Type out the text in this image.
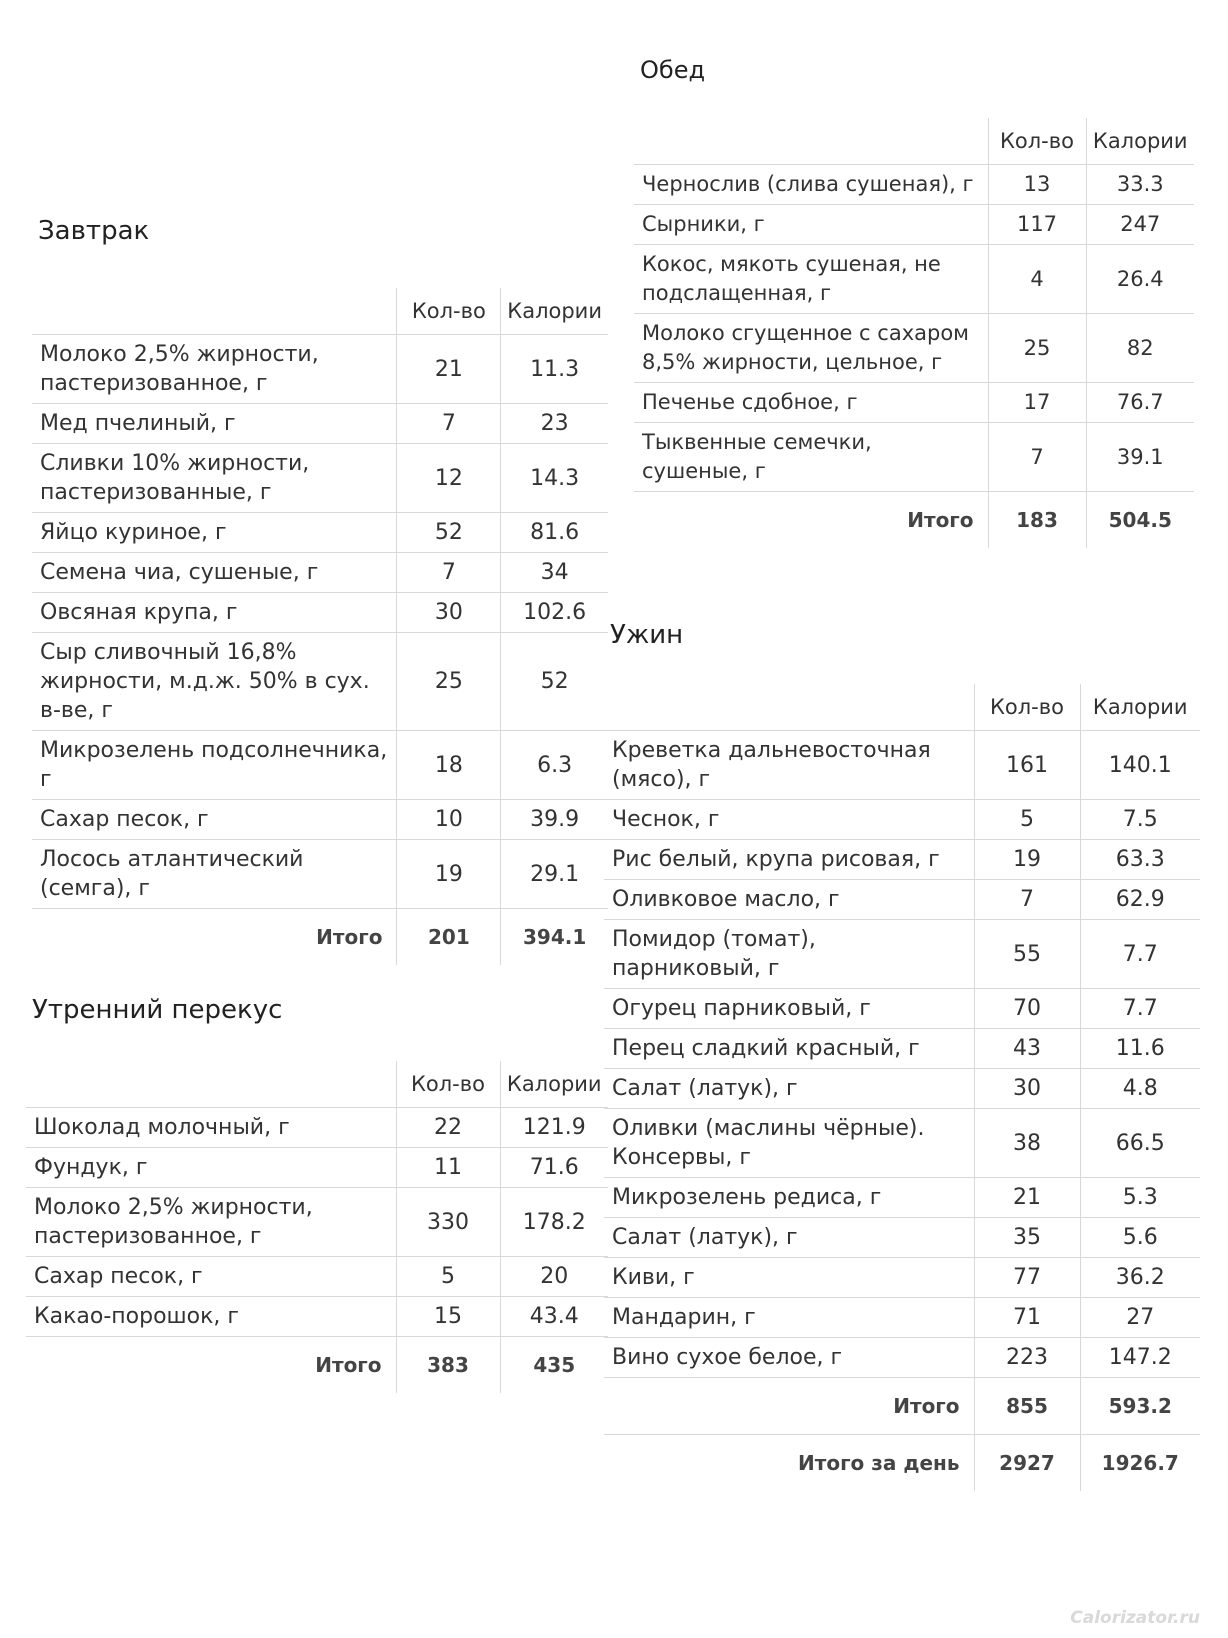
Завтрак
	Кол-во	Калории
Молоко 2,5% жирности, пастеризованное, г	21	11.3
Мед пчелиный, г	7	23
Сливки 10% жирности, пастеризованные, г	12	14.3
Яйцо куриное, г	52	81.6
Семена чиа, сушеные, г	7	34
Овсяная крупа, г	30	102.6
Сыр сливочный 16,8% жирности, м.д.ж. 50% в сух. в-ве, г	25	52
Микрозелень подсолнечника, г	18	6.3
Сахар песок, г	10	39.9
Лосось атлантический (семга), г	19	29.1
Итого	201	394.1
Утренний перекус
	Кол-во	Калории
Шоколад молочный, г	22	121.9
Фундук, г	11	71.6
Молоко 2,5% жирности, пастеризованное, г	330	178.2
Сахар песок, г	5	20
Какао-порошок, г	15	43.4
Итого	383	435
Обед
	Кол-во	Калории
Чернослив (слива сушеная), г	13	33.3
Сырники, г	117	247
Кокос, мякоть сушеная, не подслащенная, г	4	26.4
Молоко сгущенное с сахаром 8,5% жирности, цельное, г	25	82
Печенье сдобное, г	17	76.7
Тыквенные семечки, сушеные, г	7	39.1
Итого	183	504.5
Ужин
	Кол-во	Калории
Креветка дальневосточная (мясо), г	161	140.1
Чеснок, г	5	7.5
Рис белый, крупа рисовая, г	19	63.3
Оливковое масло, г	7	62.9
Помидор (томат), парниковый, г	55	7.7
Огурец парниковый, г	70	7.7
Перец сладкий красный, г	43	11.6
Салат (латук), г	30	4.8
Оливки (маслины чёрные). Консервы, г	38	66.5
Микрозелень редиса, г	21	5.3
Салат (латук), г	35	5.6
Киви, г	77	36.2
Мандарин, г	71	27
Вино сухое белое, г	223	147.2
Итого	855	593.2
Итого за день	2927	1926.7
Calorizator.ru
